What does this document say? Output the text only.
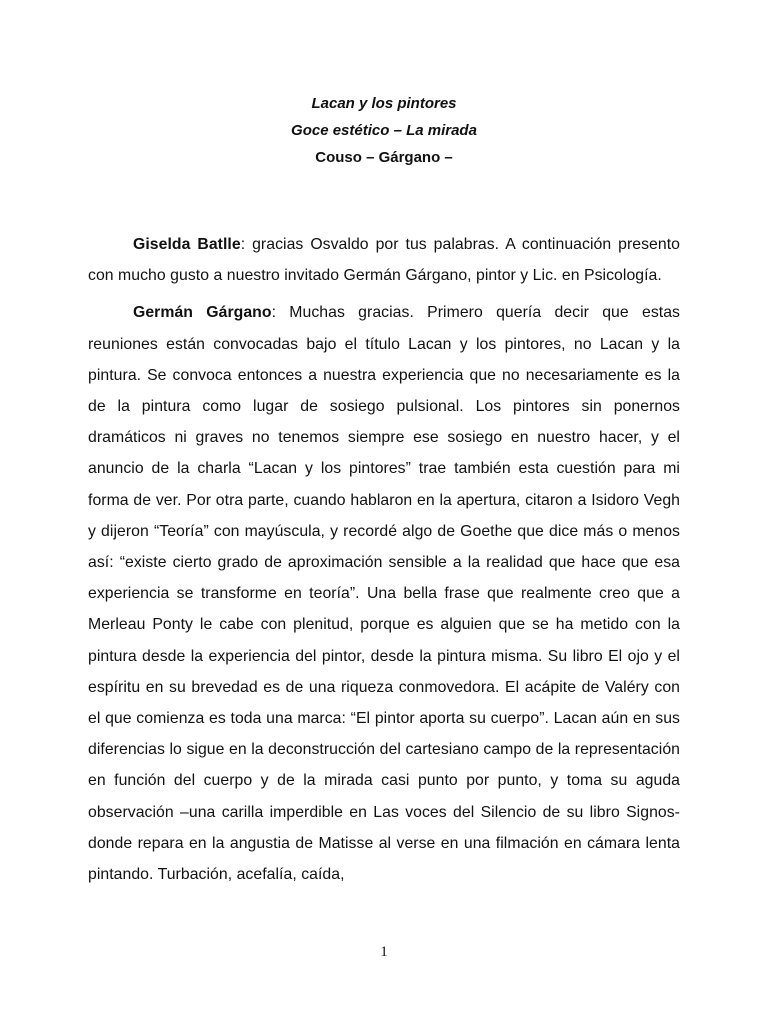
Lacan y los pintores
Goce estético – La mirada
Couso – Gárgano –

Giselda Batlle: gracias Osvaldo por tus palabras. A continuación presento con mucho gusto a nuestro invitado Germán Gárgano, pintor y Lic. en Psicología.

Germán Gárgano: Muchas gracias. Primero quería decir que estas reuniones están convocadas bajo el título Lacan y los pintores, no Lacan y la pintura. Se convoca entonces a nuestra experiencia que no necesariamente es la de la pintura como lugar de sosiego pulsional. Los pintores sin ponernos dramáticos ni graves no tenemos siempre ese sosiego en nuestro hacer, y el anuncio de la charla “Lacan y los pintores” trae también esta cuestión para mi forma de ver. Por otra parte, cuando hablaron en la apertura, citaron a Isidoro Vegh y dijeron “Teoría” con mayúscula, y recordé algo de Goethe que dice más o menos así: “existe cierto grado de aproximación sensible a la realidad que hace que esa experiencia se transforme en teoría”. Una bella frase que realmente creo que a Merleau Ponty le cabe con plenitud, porque es alguien que se ha metido con la pintura desde la experiencia del pintor, desde la pintura misma. Su libro El ojo y el espíritu en su brevedad es de una riqueza conmovedora. El acápite de Valéry con el que comienza es toda una marca: “El pintor aporta su cuerpo”. Lacan aún en sus diferencias lo sigue en la deconstrucción del cartesiano campo de la representación en función del cuerpo y de la mirada casi punto por punto, y toma su aguda observación –una carilla imperdible en Las voces del Silencio de su libro Signos- donde repara en la angustia de Matisse al verse en una filmación en cámara lenta pintando. Turbación, acefalía, caída,

1
